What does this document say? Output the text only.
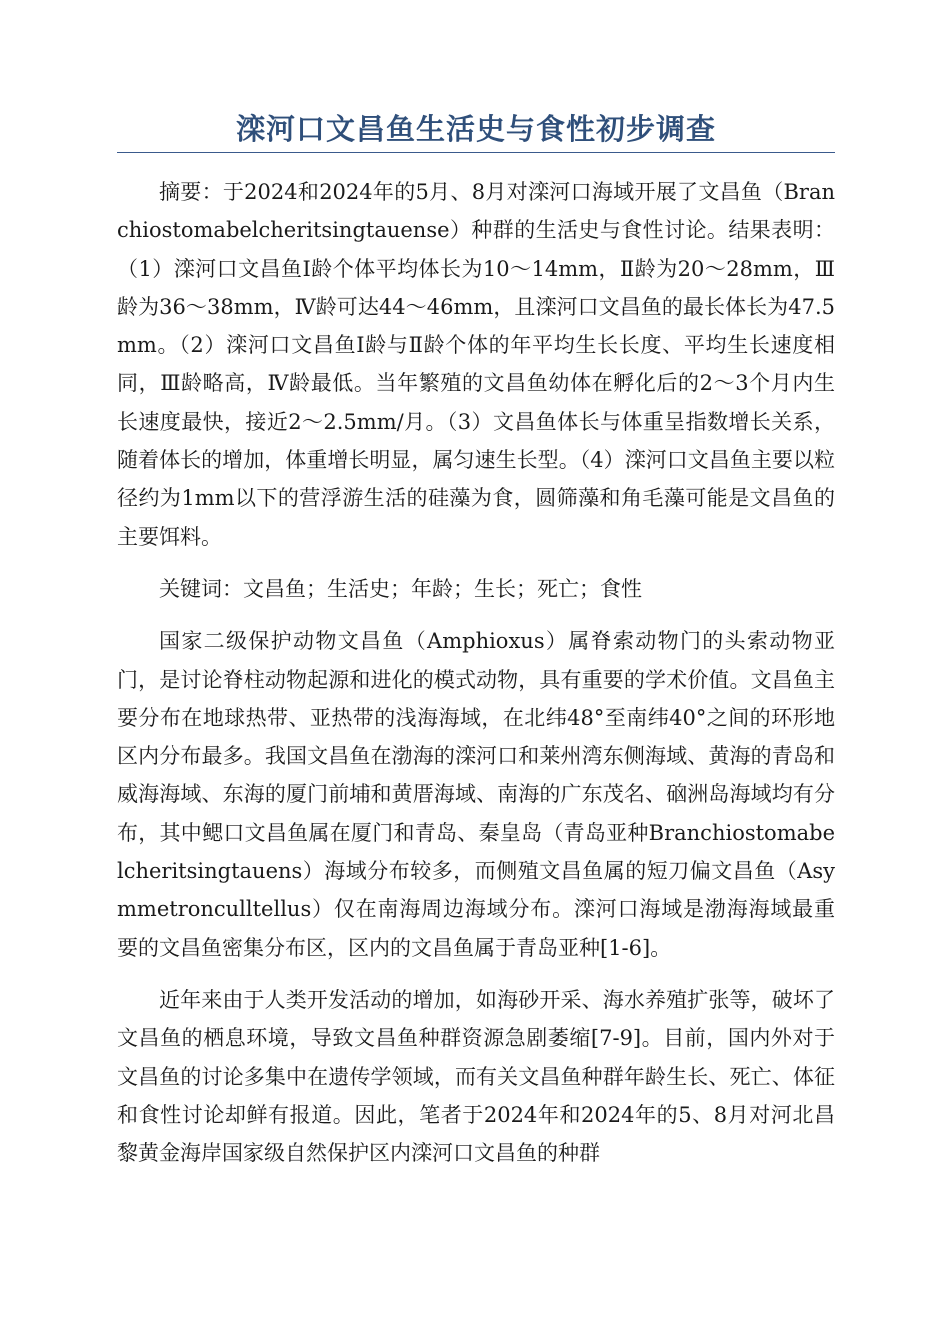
滦河口文昌鱼生活史与食性初步调查

摘要：于2024和2024年的5月、8月对滦河口海域开展了文昌鱼（Branchiostomabelcheritsingtauense）种群的生活史与食性讨论。结果表明：（1）滦河口文昌鱼Ⅰ龄个体平均体长为10～14mm，Ⅱ龄为20～28mm，Ⅲ龄为36～38mm，Ⅳ龄可达44～46mm，且滦河口文昌鱼的最长体长为47.5mm。（2）滦河口文昌鱼Ⅰ龄与Ⅱ龄个体的年平均生长长度、平均生长速度相同，Ⅲ龄略高，Ⅳ龄最低。当年繁殖的文昌鱼幼体在孵化后的2～3个月内生长速度最快，接近2～2.5mm/月。（3）文昌鱼体长与体重呈指数增长关系，随着体长的增加，体重增长明显，属匀速生长型。（4）滦河口文昌鱼主要以粒径约为1mm以下的营浮游生活的硅藻为食，圆筛藻和角毛藻可能是文昌鱼的主要饵料。

关键词：文昌鱼；生活史；年龄；生长；死亡；食性

国家二级保护动物文昌鱼（Amphioxus）属脊索动物门的头索动物亚门，是讨论脊柱动物起源和进化的模式动物，具有重要的学术价值。文昌鱼主要分布在地球热带、亚热带的浅海海域，在北纬48°至南纬40°之间的环形地区内分布最多。我国文昌鱼在渤海的滦河口和莱州湾东侧海域、黄海的青岛和威海海域、东海的厦门前埔和黄厝海域、南海的广东茂名、硇洲岛海域均有分布，其中鳃口文昌鱼属在厦门和青岛、秦皇岛（青岛亚种Branchiostomabelcheritsingtauens）海域分布较多，而侧殖文昌鱼属的短刀偏文昌鱼（Asymmetronculltellus）仅在南海周边海域分布。滦河口海域是渤海海域最重要的文昌鱼密集分布区，区内的文昌鱼属于青岛亚种[1-6]。

近年来由于人类开发活动的增加，如海砂开采、海水养殖扩张等，破坏了文昌鱼的栖息环境，导致文昌鱼种群资源急剧萎缩[7-9]。目前，国内外对于文昌鱼的讨论多集中在遗传学领域，而有关文昌鱼种群年龄生长、死亡、体征和食性讨论却鲜有报道。因此，笔者于2024年和2024年的5、8月对河北昌黎黄金海岸国家级自然保护区内滦河口文昌鱼的种群
